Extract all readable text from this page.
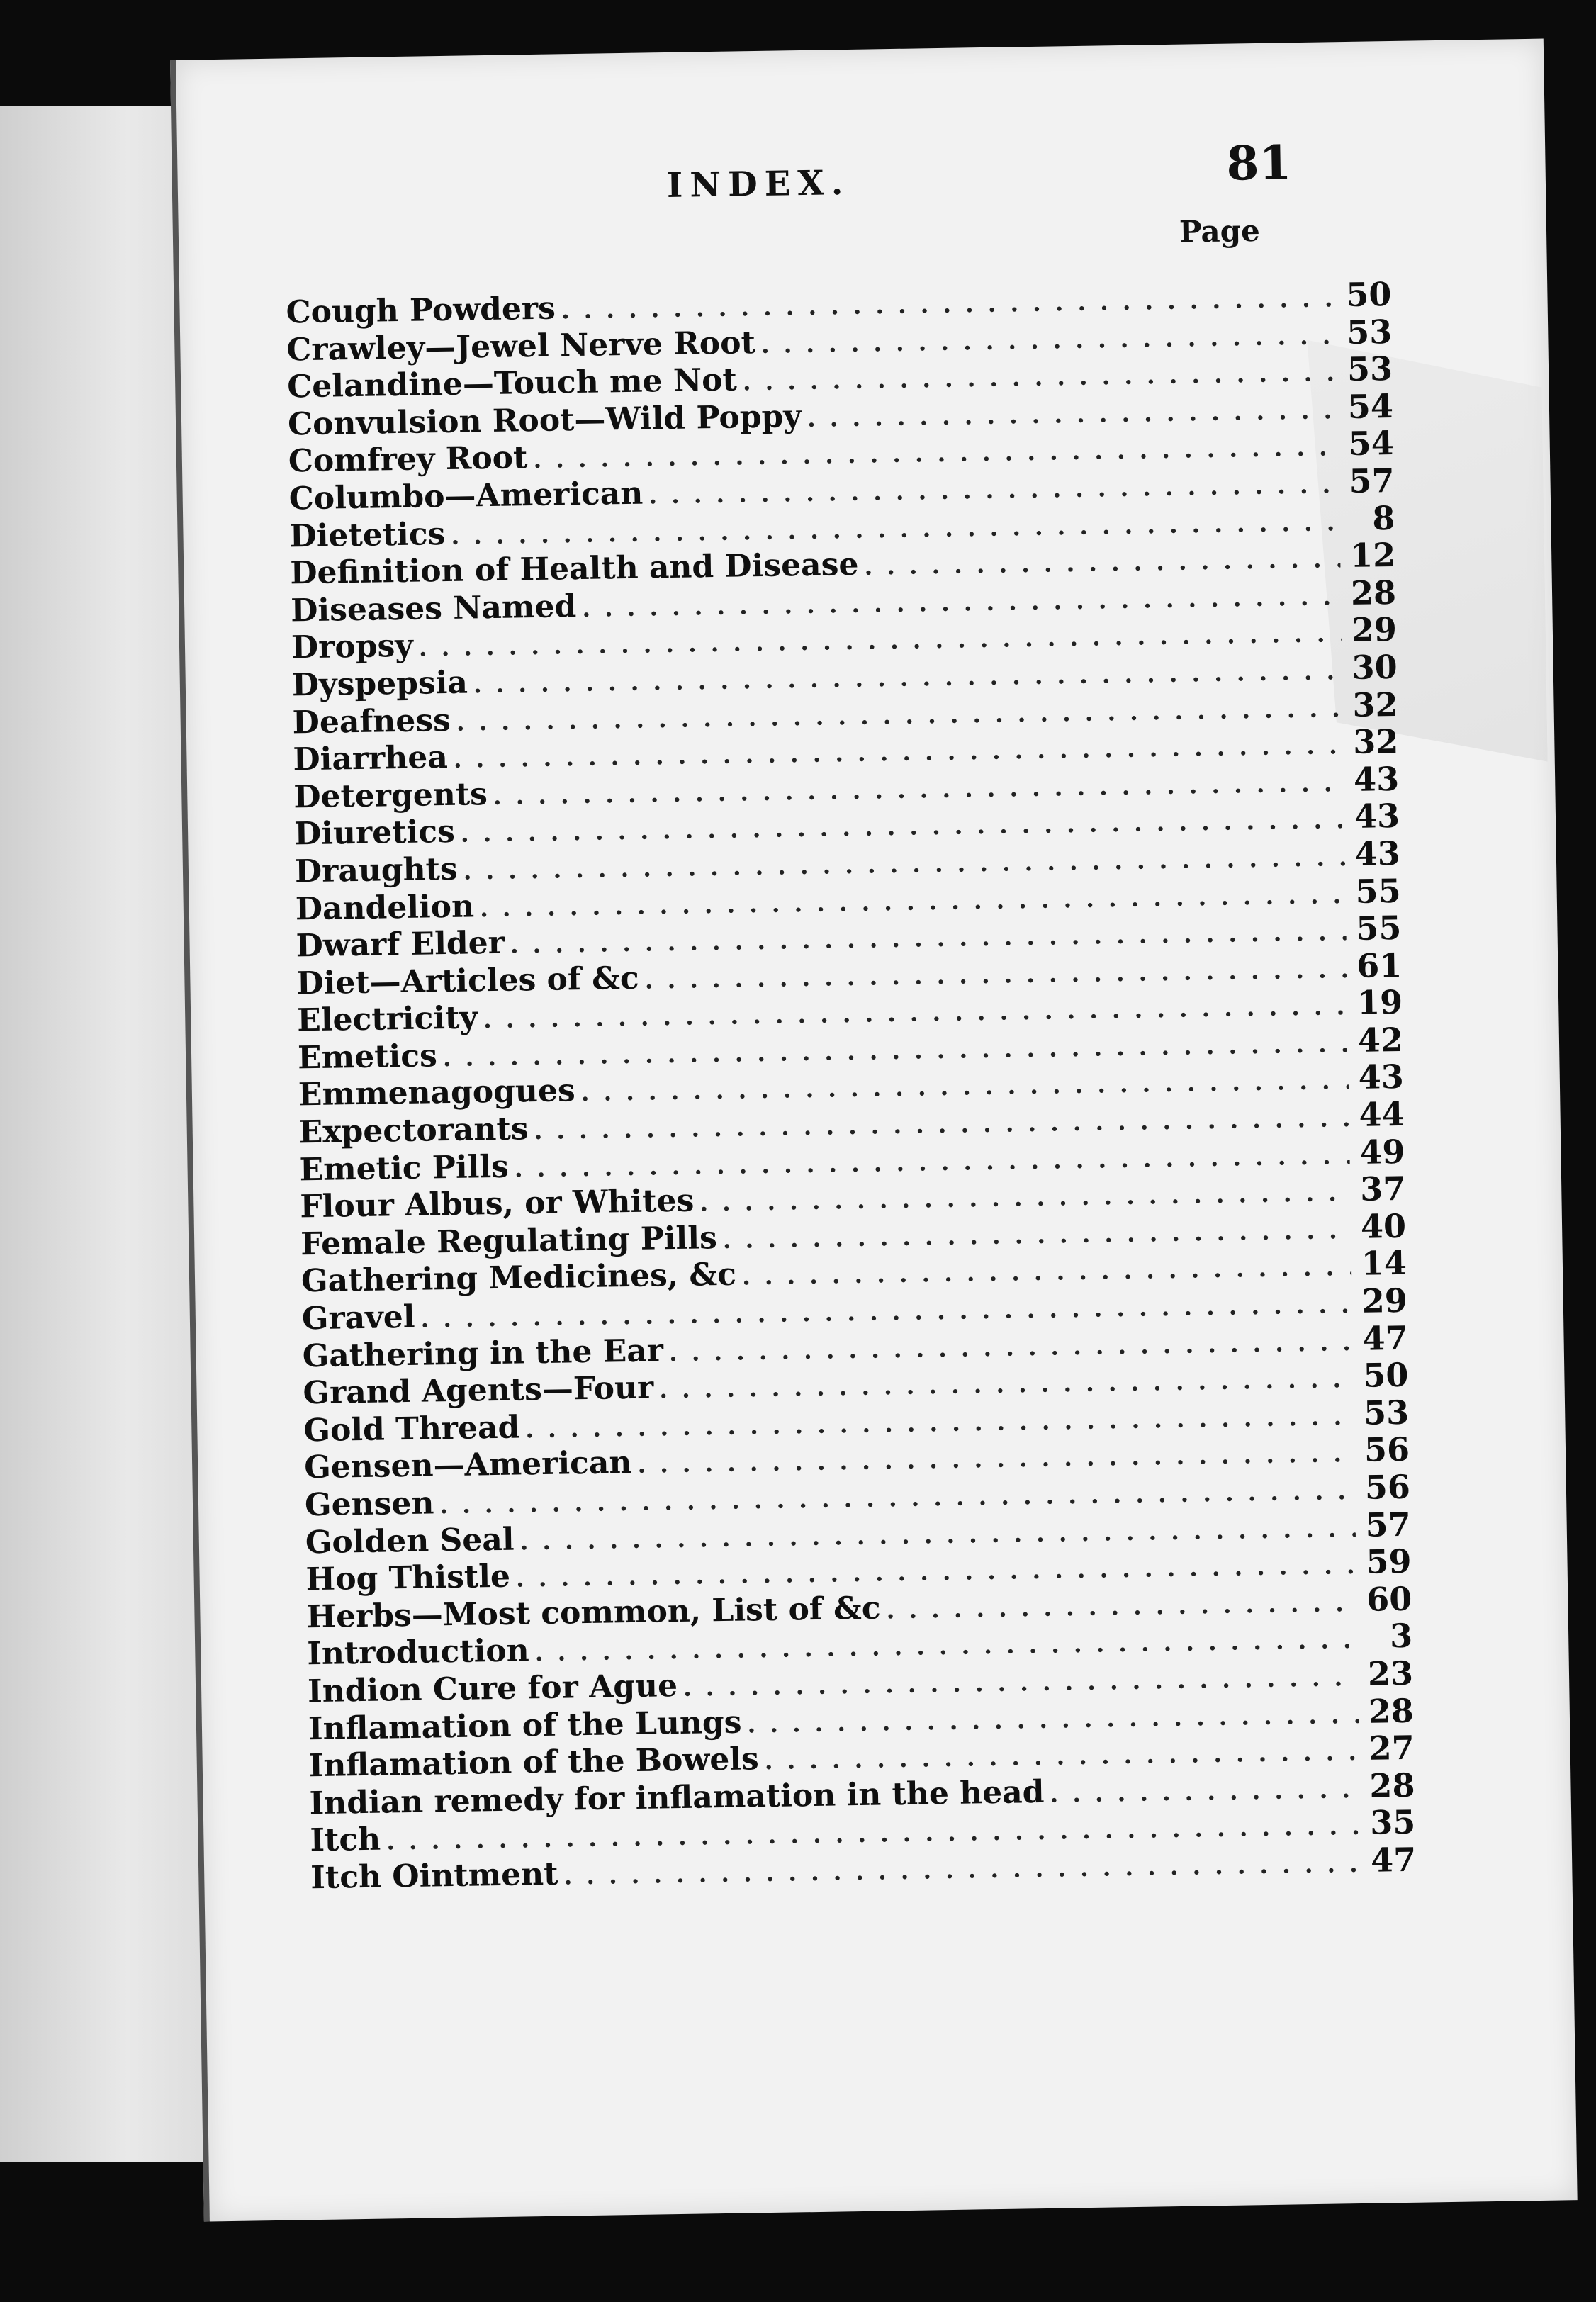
INDEX.	81
Page
Cough Powders . . .	50
Crawley—Jewel Nerve Root . . .	53
Celandine—Touch me Not . . .	53
Convulsion Root—Wild Poppy . . .	54
Comfrey Root . . .	54
Columbo—American . . .	57
Dietetics . . .	8
Definition of Health and Disease . . .	12
Diseases Named . . .	28
Dropsy . . .	29
Dyspepsia . . .	30
Deafness . . .	32
Diarrhea . . .	32
Detergents . . .	43
Diuretics . . .	43
Draughts . . .	43
Dandelion . . .	55
Dwarf Elder . . .	55
Diet—Articles of &c . . .	61
Electricity . . .	19
Emetics . . .	42
Emmenagogues . . .	43
Expectorants . . .	44
Emetic Pills . . .	49
Flour Albus, or Whites . . .	37
Female Regulating Pills . . .	40
Gathering Medicines, &c . . .	14
Gravel . . .	29
Gathering in the Ear . . .	47
Grand Agents—Four . . .	50
Gold Thread . . .	53
Gensen—American . . .	56
Gensen . . .	56
Golden Seal . . .	57
Hog Thistle . . .	59
Herbs—Most common, List of &c . . .	60
Introduction . . .	3
Indion Cure for Ague . . .	23
Inflamation of the Lungs . . .	28
Inflamation of the Bowels . . .	27
Indian remedy for inflamation in the head . . .	28
Itch . . .	35
Itch Ointment . . .	47
